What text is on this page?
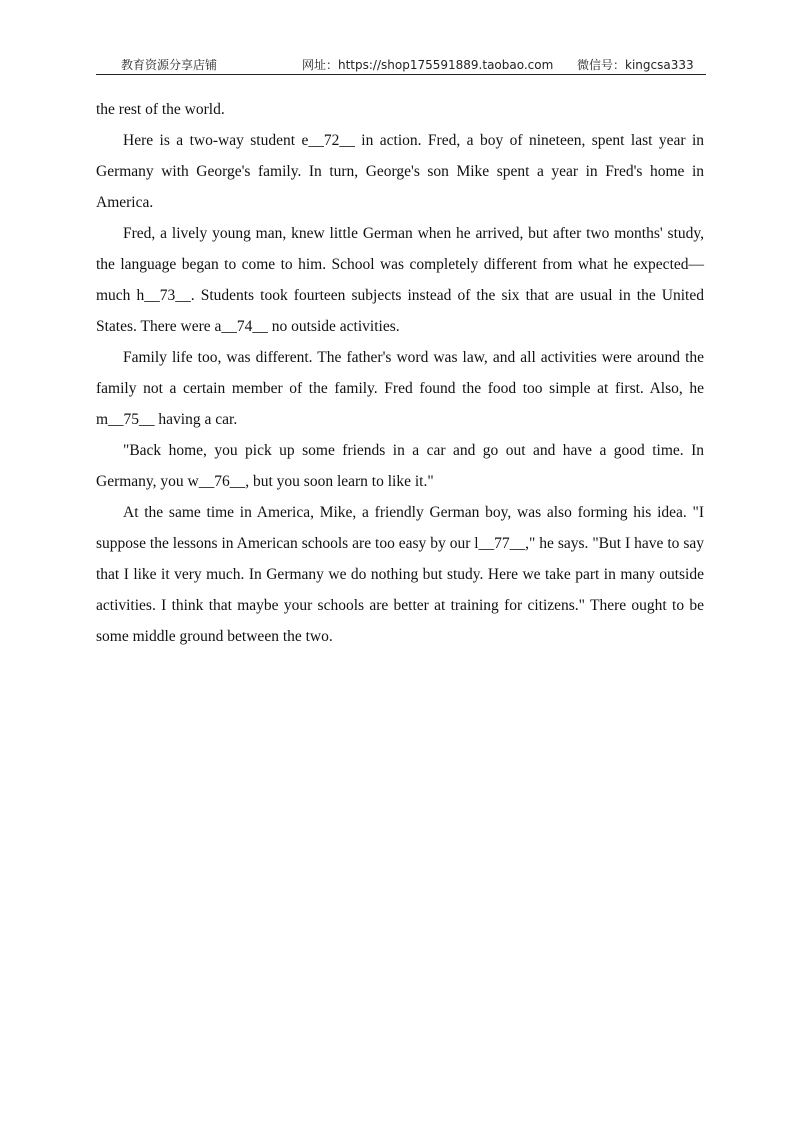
教育资源分享店铺	网址：https://shop175591889.taobao.com 微信号：kingcsa333

the rest of the world.

Here is a two-way student e__72__ in action. Fred, a boy of nineteen, spent last year in Germany with George's family. In turn, George's son Mike spent a year in Fred's home in America.

Fred, a lively young man, knew little German when he arrived, but after two months' study, the language began to come to him. School was completely different from what he expected—much h__73__. Students took fourteen subjects instead of the six that are usual in the United States. There were a__74__ no outside activities.

Family life too, was different. The father's word was law, and all activities were around the family not a certain member of the family. Fred found the food too simple at first. Also, he m__75__ having a car.

"Back home, you pick up some friends in a car and go out and have a good time. In Germany, you w__76__, but you soon learn to like it."

At the same time in America, Mike, a friendly German boy, was also forming his idea. "I suppose the lessons in American schools are too easy by our l__77__," he says. "But I have to say that I like it very much. In Germany we do nothing but study. Here we take part in many outside activities. I think that maybe your schools are better at training for citizens." There ought to be some middle ground between the two.
